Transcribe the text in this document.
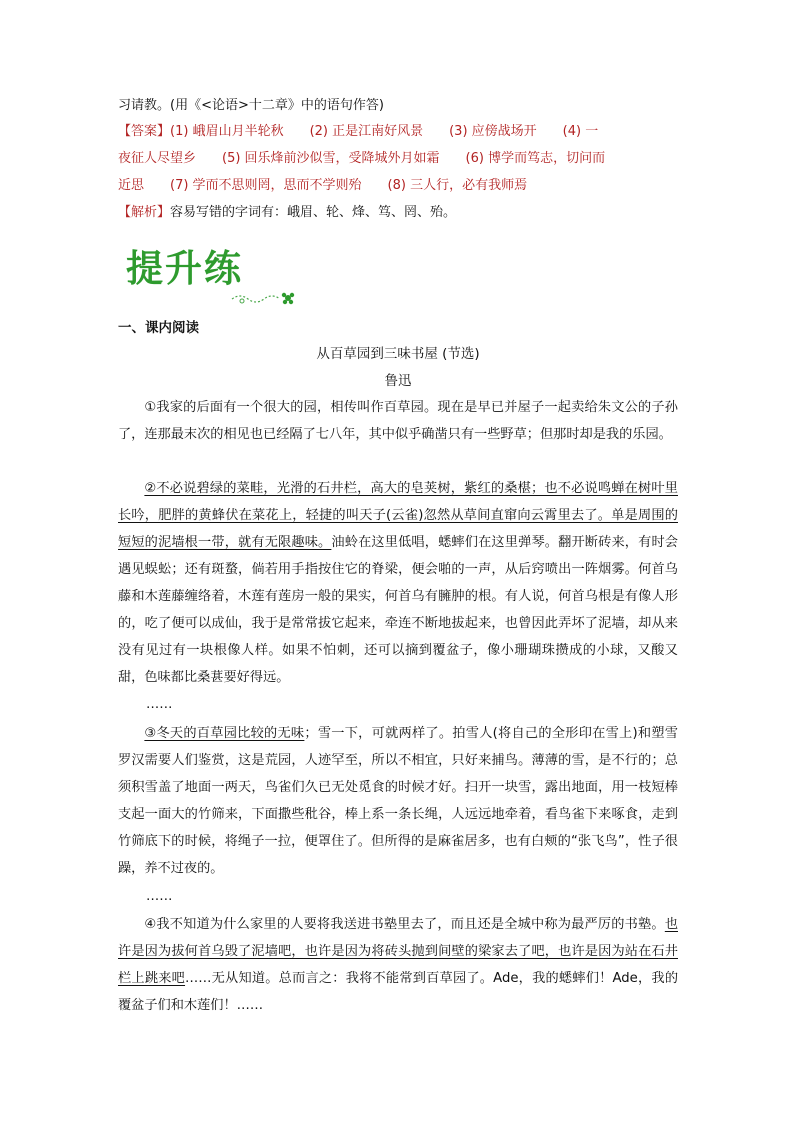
习请教。(用《<论语>十二章》中的语句作答)
【答案】(1) 峨眉山月半轮秋　　(2) 正是江南好风景　　(3) 应傍战场开　　(4) 一
夜征人尽望乡　　(5) 回乐烽前沙似雪，受降城外月如霜　　(6) 博学而笃志，切问而
近思　　(7) 学而不思则罔，思而不学则殆　　(8) 三人行，必有我师焉
【解析】容易写错的字词有：峨眉、轮、烽、笃、罔、殆。
提升练
一、课内阅读
从百草园到三味书屋 (节选)
鲁迅
①我家的后面有一个很大的园，相传叫作百草园。现在是早已并屋子一起卖给朱文公的子孙了，连那最末次的相见也已经隔了七八年，其中似乎确凿只有一些野草；但那时却是我的乐园。
②不必说碧绿的菜畦，光滑的石井栏，高大的皂荚树，紫红的桑椹；也不必说鸣蝉在树叶里长吟，肥胖的黄蜂伏在菜花上，轻捷的叫天子(云雀)忽然从草间直窜向云霄里去了。单是周围的短短的泥墙根一带，就有无限趣味。油蛉在这里低唱，蟋蟀们在这里弹琴。翻开断砖来，有时会遇见蜈蚣；还有斑蝥，倘若用手指按住它的脊梁，便会啪的一声，从后窍喷出一阵烟雾。何首乌藤和木莲藤缠络着，木莲有莲房一般的果实，何首乌有臃肿的根。有人说，何首乌根是有像人形的，吃了便可以成仙，我于是常常拔它起来，牵连不断地拔起来，也曾因此弄坏了泥墙，却从来没有见过有一块根像人样。如果不怕刺，还可以摘到覆盆子，像小珊瑚珠攒成的小球，又酸又甜，色味都比桑葚要好得远。
……
③冬天的百草园比较的无味；雪一下，可就两样了。拍雪人(将自己的全形印在雪上)和塑雪罗汉需要人们鉴赏，这是荒园，人迹罕至，所以不相宜，只好来捕鸟。薄薄的雪，是不行的；总须积雪盖了地面一两天，鸟雀们久已无处觅食的时候才好。扫开一块雪，露出地面，用一枝短棒支起一面大的竹筛来，下面撒些秕谷，棒上系一条长绳，人远远地牵着，看鸟雀下来啄食，走到竹筛底下的时候，将绳子一拉，便罩住了。但所得的是麻雀居多，也有白颊的“张飞鸟”，性子很躁，养不过夜的。
……
④我不知道为什么家里的人要将我送进书塾里去了，而且还是全城中称为最严厉的书塾。也许是因为拔何首乌毁了泥墙吧，也许是因为将砖头抛到间壁的梁家去了吧，也许是因为站在石井栏上跳来吧……无从知道。总而言之：我将不能常到百草园了。Ade，我的蟋蟀们！Ade，我的覆盆子们和木莲们！……
